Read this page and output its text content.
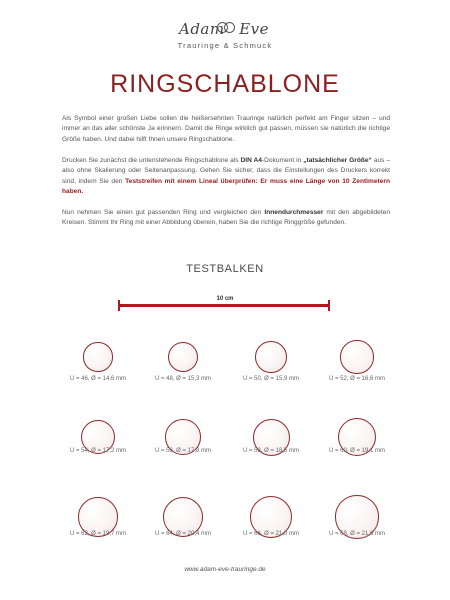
Adam Eve
Trauringe & Schmuck
RINGSCHABLONE

Als Symbol einer großen Liebe sollen die heißersehnten Trauringe natürlich perfekt am Finger sitzen – und immer an das aller schönste Ja erinnern. Damit die Ringe wirklich gut passen, müssen sie natürlich die richtige Größe haben. Und dabei hilft Ihnen unsere Ringschablone.

Drucken Sie zunächst die untenstehende Ringschablone als DIN A4-Dokument in „tatsächlicher Größe“ aus – also ohne Skalierung oder Seitenanpassung. Gehen Sie sicher, dass die Einstellungen des Druckers korrekt sind, indem Sie den Teststreifen mit einem Lineal überprüfen: Er muss eine Länge von 10 Zentimetern haben.

Nun nehmen Sie einen gut passenden Ring und vergleichen den Innendurchmesser mit den abgebildeten Kreisen. Stimmt Ihr Ring mit einer Abbildung überein, haben Sie die richtige Ringgröße gefunden.

TESTBALKEN
10 cm
U = 46, Ø = 14,6 mm	U = 48, Ø = 15,3 mm	U = 50, Ø = 15,9 mm	U = 52, Ø = 16,6 mm
U = 54, Ø = 17,2 mm	U = 56, Ø = 17,8 mm	U = 58, Ø = 18,5 mm	U = 60, Ø = 19,1 mm
U = 62, Ø = 19,7 mm	U = 64, Ø = 20,4 mm	U = 66, Ø = 21,0 mm	U = 68, Ø = 21,6 mm
www.adam-eve-trauringe.de
